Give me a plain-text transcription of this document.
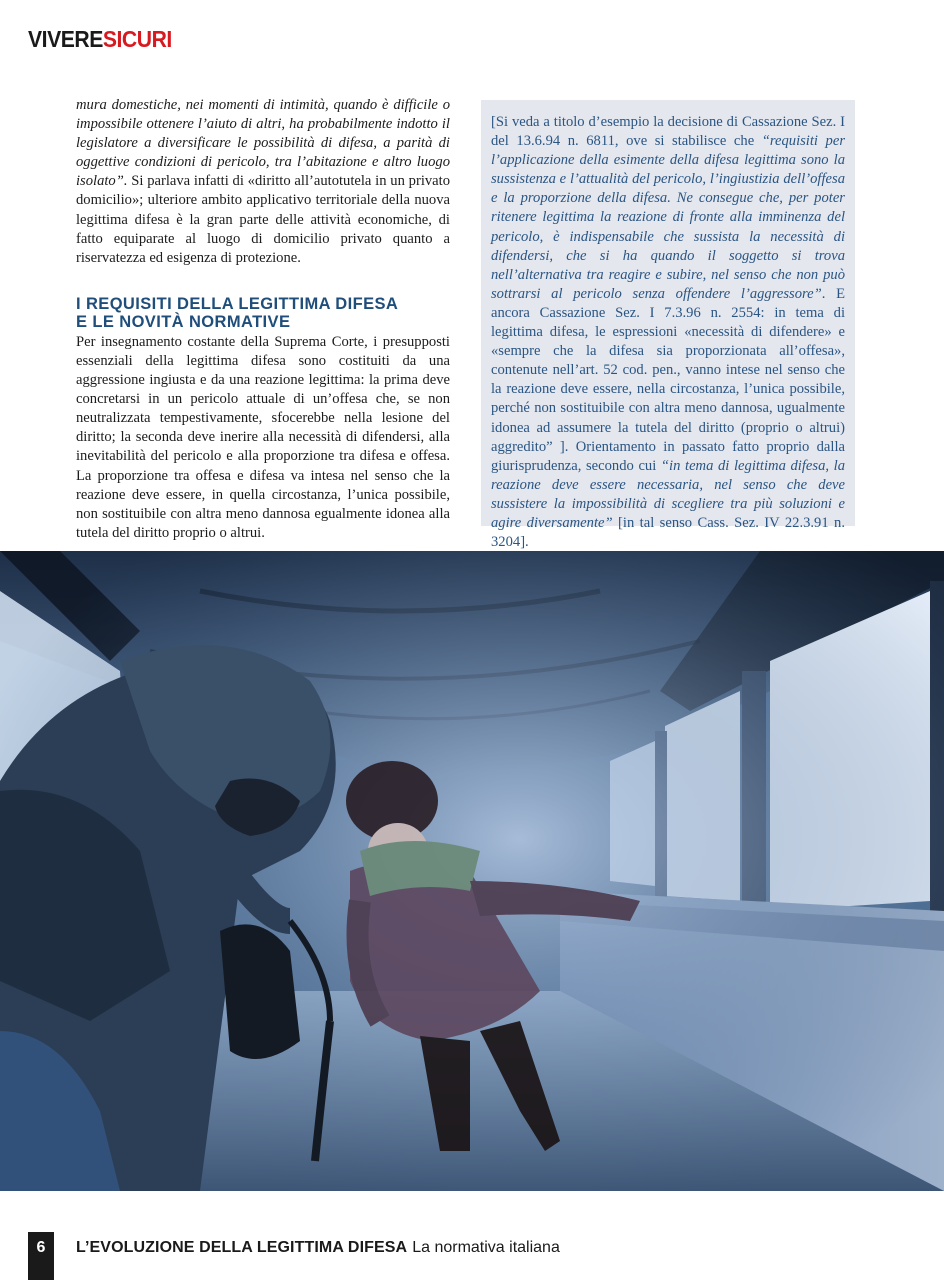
VIVERESICURI

mura domestiche, nei momenti di intimità, quando è difficile o impossibile ottenere l’aiuto di altri, ha probabilmente indotto il legislatore a diversificare le possibilità di difesa, a parità di oggettive condizioni di pericolo, tra l’abitazione e altro luogo isolato”. Si parlava infatti di «diritto all’autotutela in un privato domicilio»; ulteriore ambito applicativo territoriale della nuova legittima difesa è la gran parte delle attività economiche, di fatto equiparate al luogo di domicilio privato quanto a riservatezza ed esigenza di protezione.

I REQUISITI DELLA LEGITTIMA DIFESA
E LE NOVITÀ NORMATIVE

Per insegnamento costante della Suprema Corte, i presupposti essenziali della legittima difesa sono costituiti da una aggressione ingiusta e da una reazione legittima: la prima deve concretarsi in un pericolo attuale di un’offesa che, se non neutralizzata tempestivamente, sfocerebbe nella lesione del diritto; la seconda deve inerire alla necessità di difendersi, alla inevitabilità del pericolo e alla proporzione tra difesa e offesa. La proporzione tra offesa e difesa va intesa nel senso che la reazione deve essere, in quella circostanza, l’unica possibile, non sostituibile con altra meno dannosa egualmente idonea alla tutela del diritto proprio o altrui.

[Si veda a titolo d’esempio la decisione di Cassazione Sez. I del 13.6.94 n. 6811, ove si stabilisce che “requisiti per l’applicazione della esimente della difesa legittima sono la sussistenza e l’attualità del pericolo, l’ingiustizia dell’offesa e la proporzione della difesa. Ne consegue che, per poter ritenere legittima la reazione di fronte alla imminenza del pericolo, è indispensabile che sussista la necessità di difendersi, che si ha quando il soggetto si trova nell’alternativa tra reagire e subire, nel senso che non può sottrarsi al pericolo senza offendere l’aggressore”. E ancora Cassazione Sez. I 7.3.96 n. 2554: in tema di legittima difesa, le espressioni «necessità di difendere» e «sempre che la difesa sia proporzionata all’offesa», contenute nell’art. 52 cod. pen., vanno intese nel senso che la reazione deve essere, nella circostanza, l’unica possibile, perché non sostituibile con altra meno dannosa, ugualmente idonea ad assumere la tutela del diritto (proprio o altrui) aggredito” ]. Orientamento in passato fatto proprio dalla giurisprudenza, secondo cui “in tema di legittima difesa, la reazione deve essere necessaria, nel senso che deve sussistere la impossibilità di scegliere tra più soluzioni e agire diversamente” [in tal senso Cass. Sez. IV 22.3.91 n. 3204].

6	L’EVOLUZIONE DELLA LEGITTIMA DIFESA La normativa italiana
